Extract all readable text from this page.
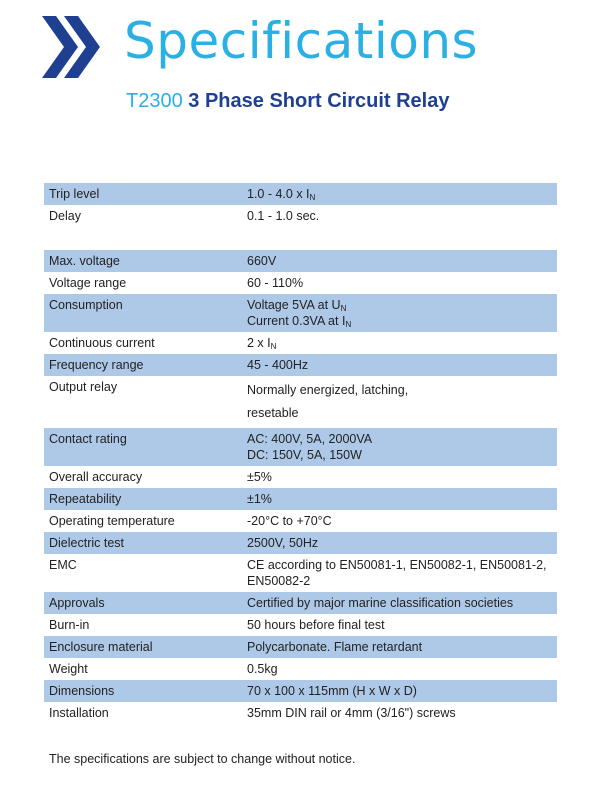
Specifications
T2300 3 Phase Short Circuit Relay
Trip level	1.0 - 4.0 x $I_N$
Delay	0.1 - 1.0 sec.
Max. voltage	660V
Voltage range	60 - 110%
Consumption	Voltage 5VA at $U_N$
Current 0.3VA at $I_N$
Continuous current	2 x $I_N$
Frequency range	45 - 400Hz
Output relay	Normally energized, latching,
resetable
Contact rating	AC: 400V, 5A, 2000VA
DC: 150V, 5A, 150W
Overall accuracy	±5%
Repeatability	±1%
Operating temperature	-20°C to +70°C
Dielectric test	2500V, 50Hz
EMC	CE according to EN50081-1, EN50082-1, EN50081-2,
EN50082-2
Approvals	Certified by major marine classification societies
Burn-in	50 hours before final test
Enclosure material	Polycarbonate. Flame retardant
Weight	0.5kg
Dimensions	70 x 100 x 115mm (H x W x D)
Installation	35mm DIN rail or 4mm (3/16") screws
The specifications are subject to change without notice.
